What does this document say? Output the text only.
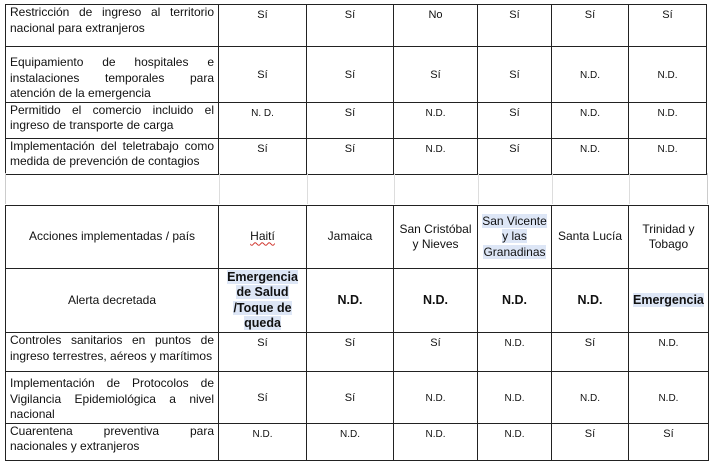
Restricción de ingreso al territorio nacional para extranjeros	Sí	Sí	No	Sí	Sí	Sí
Equipamiento de hospitales e instalaciones temporales para atención de la emergencia	Sí	Sí	Sí	Sí	N.D.	N.D.
Permitido el comercio incluido el ingreso de transporte de carga	N. D.	Sí	N.D.	Sí	N.D.	N.D.
Implementación del teletrabajo como medida de prevención de contagios	Sí	Sí	N.D.	Sí	N.D.	N.D.
Acciones implementadas / país	Haití	Jamaica	San Cristóbal y Nieves	San Vicente y las Granadinas	Santa Lucía	Trinidad y Tobago
Alerta decretada	Emergencia de Salud /Toque de queda	N.D.	N.D.	N.D.	N.D.	Emergencia
Controles sanitarios en puntos de ingreso terrestres, aéreos y marítimos	Sí	Sí	Sí	N.D.	Sí	N.D.
Implementación de Protocolos de Vigilancia Epidemiológica a nivel nacional	Sí	Sí	N.D.	N.D.	N.D.	N.D.
Cuarentena preventiva para nacionales y extranjeros	N.D.	N.D.	N.D.	N.D.	Sí	Sí
